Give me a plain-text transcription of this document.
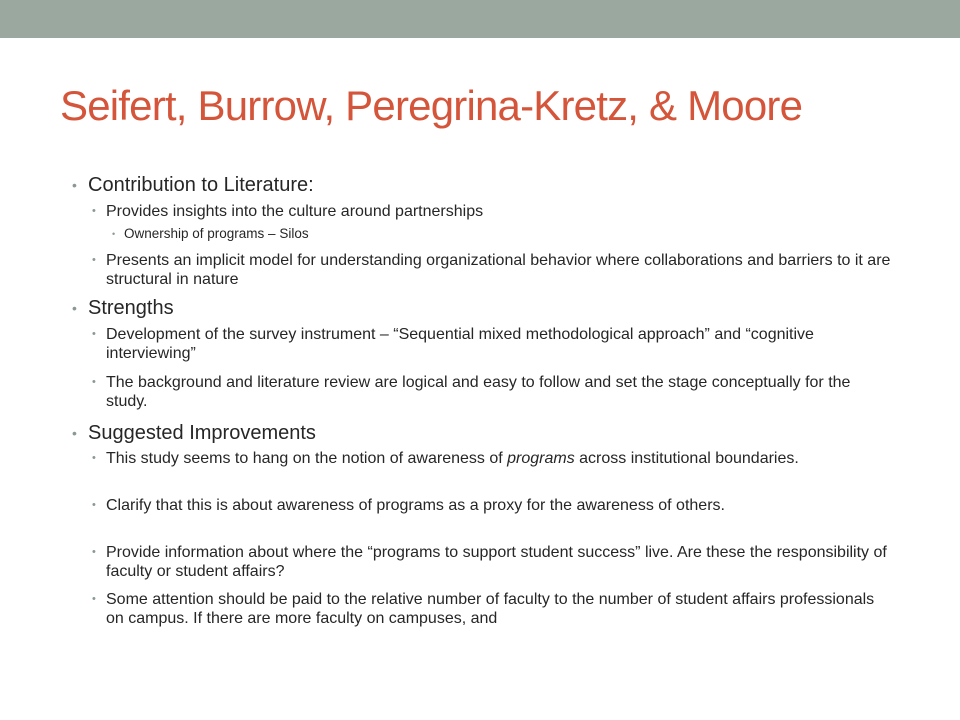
Seifert, Burrow, Peregrina-Kretz, & Moore
• Contribution to Literature:
• Provides insights into the culture around partnerships
• Ownership of programs – Silos
• Presents an implicit model for understanding organizational behavior where collaborations and barriers to it are structural in nature
• Strengths
• Development of the survey instrument – “Sequential mixed methodological approach” and “cognitive interviewing”
• The background and literature review are logical and easy to follow and set the stage conceptually for the study.
• Suggested Improvements
• This study seems to hang on the notion of awareness of programs across institutional boundaries.
• Clarify that this is about awareness of programs as a proxy for the awareness of others.
• Provide information about where the “programs to support student success” live. Are these the responsibility of faculty or student affairs?
• Some attention should be paid to the relative number of faculty to the number of student affairs professionals on campus. If there are more faculty on campuses, and
